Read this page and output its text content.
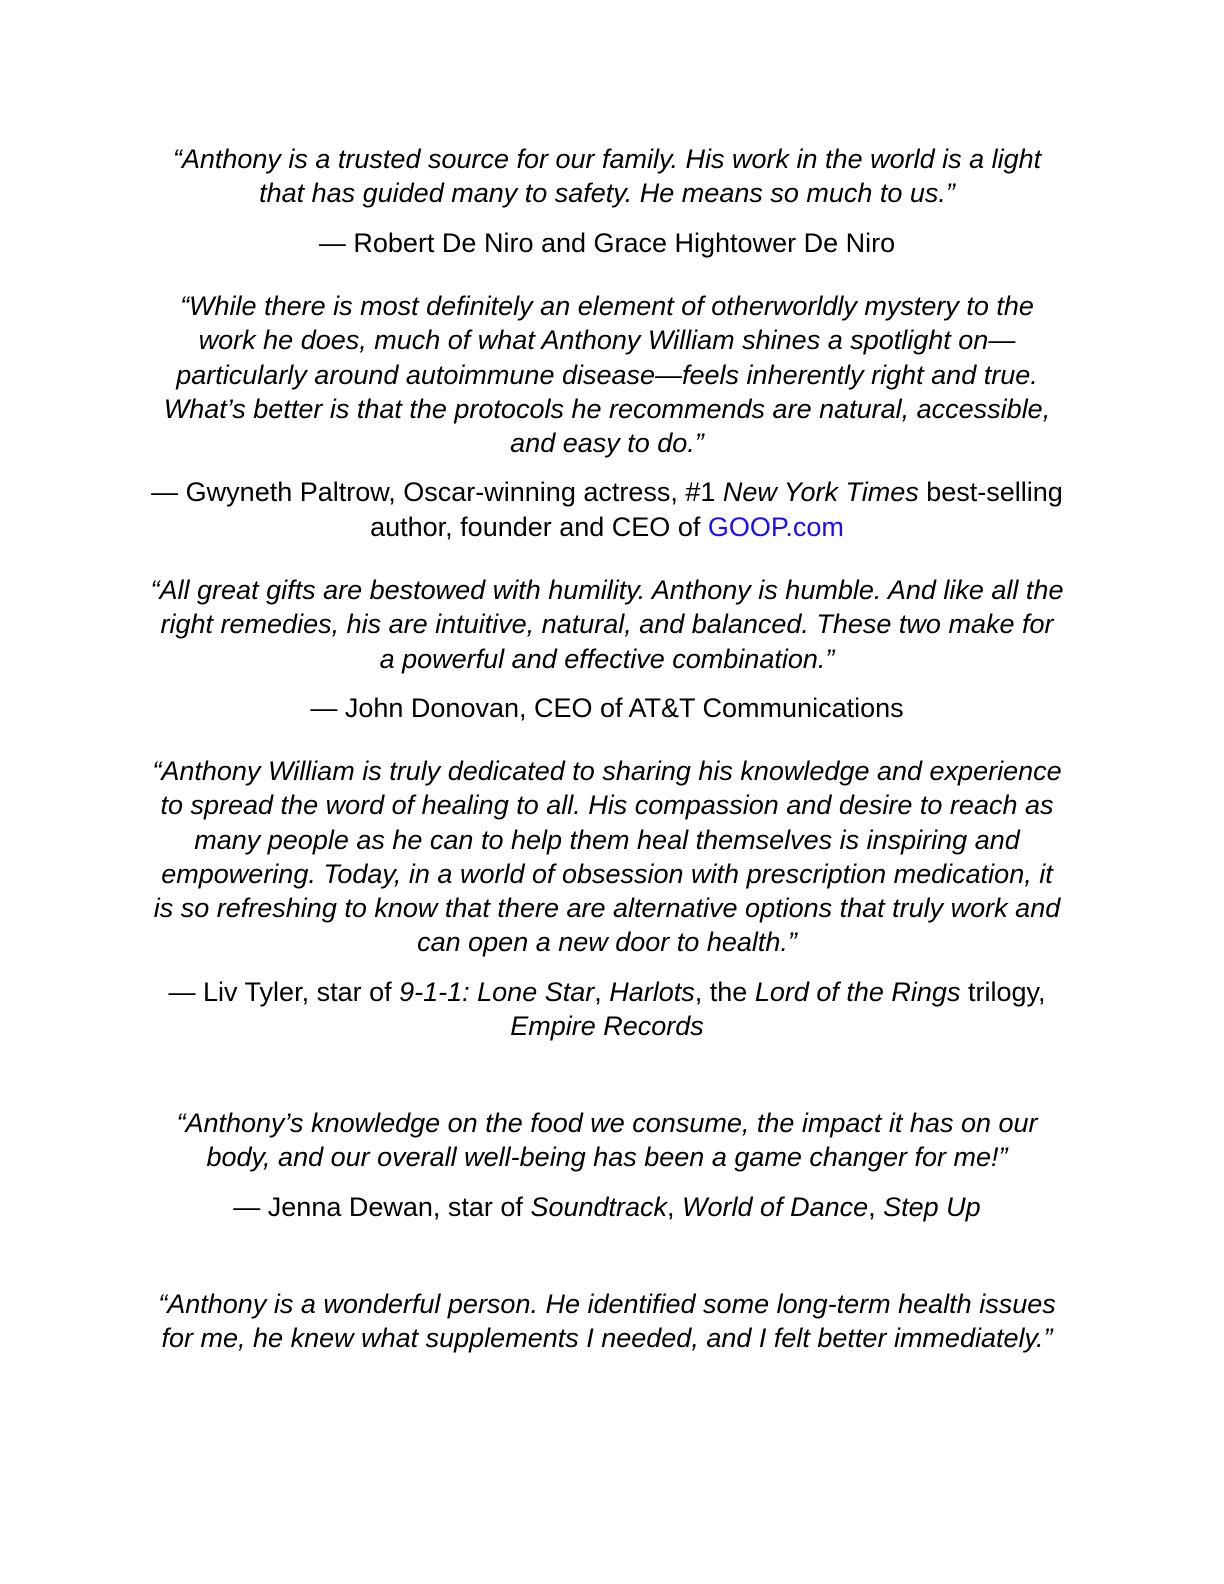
“Anthony is a trusted source for our family. His work in the world is a light that has guided many to safety. He means so much to us.”

— Robert De Niro and Grace Hightower De Niro

“While there is most definitely an element of otherworldly mystery to the work he does, much of what Anthony William shines a spotlight on—particularly around autoimmune disease—feels inherently right and true. What’s better is that the protocols he recommends are natural, accessible, and easy to do.”

— Gwyneth Paltrow, Oscar-winning actress, #1 New York Times best-selling author, founder and CEO of GOOP.com

“All great gifts are bestowed with humility. Anthony is humble. And like all the right remedies, his are intuitive, natural, and balanced. These two make for a powerful and effective combination.”

— John Donovan, CEO of AT&T Communications

“Anthony William is truly dedicated to sharing his knowledge and experience to spread the word of healing to all. His compassion and desire to reach as many people as he can to help them heal themselves is inspiring and empowering. Today, in a world of obsession with prescription medication, it is so refreshing to know that there are alternative options that truly work and can open a new door to health.”

— Liv Tyler, star of 9-1-1: Lone Star, Harlots, the Lord of the Rings trilogy, Empire Records

“Anthony’s knowledge on the food we consume, the impact it has on our body, and our overall well-being has been a game changer for me!”

— Jenna Dewan, star of Soundtrack, World of Dance, Step Up

“Anthony is a wonderful person. He identified some long-term health issues for me, he knew what supplements I needed, and I felt better immediately.”
